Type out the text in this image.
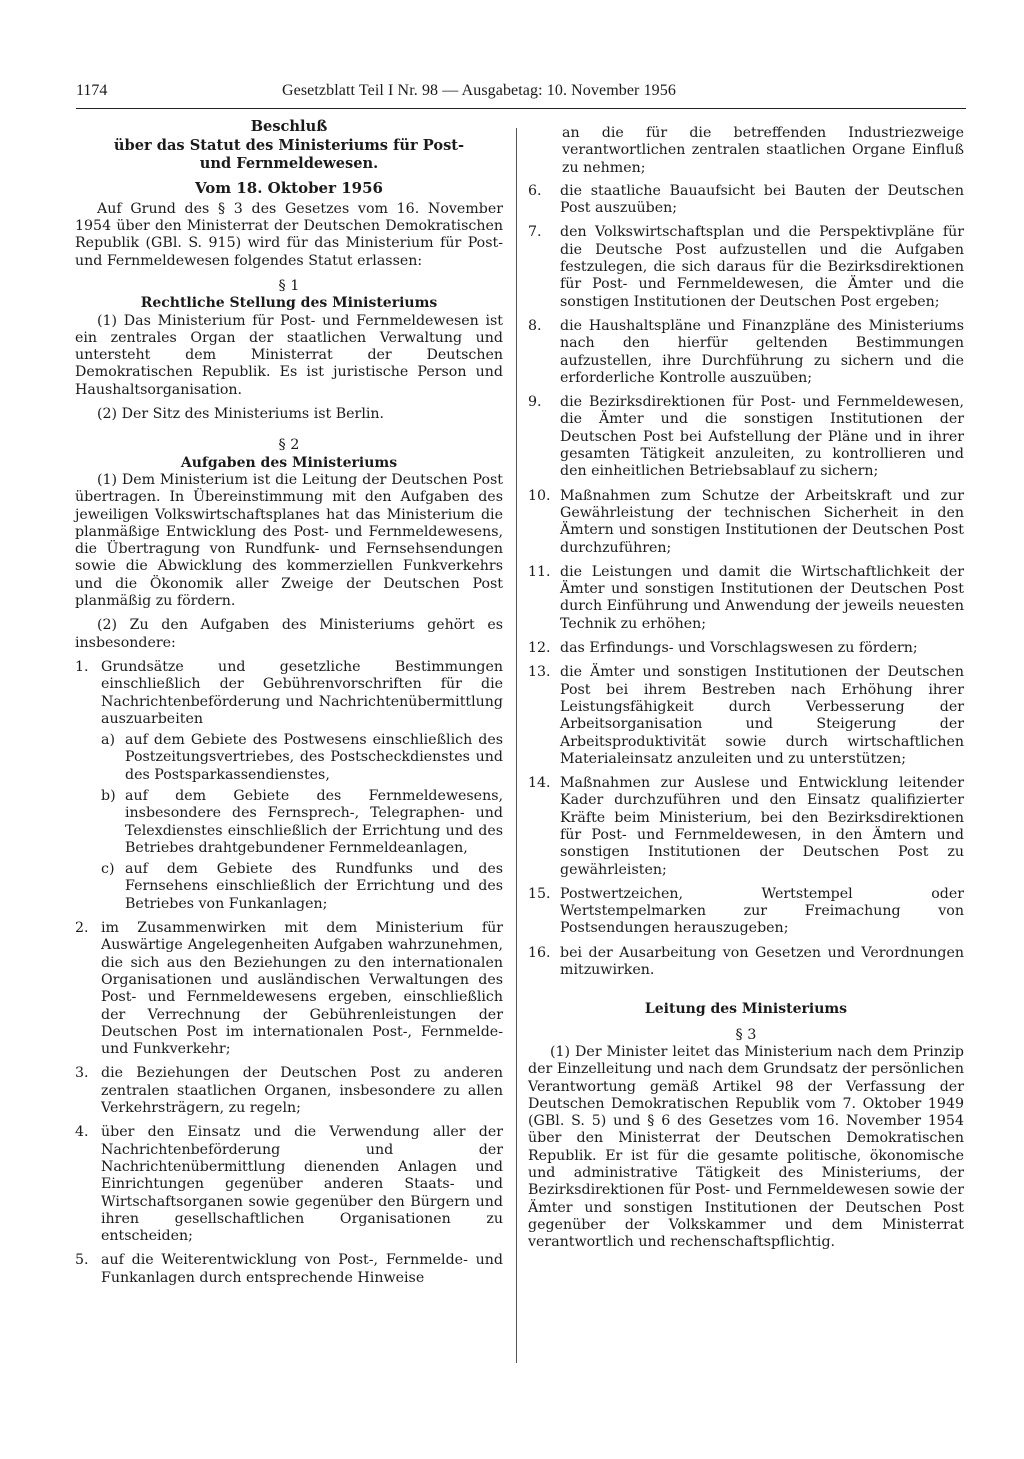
1174	Gesetzblatt Teil I Nr. 98 — Ausgabetag: 10. November 1956
Beschluß
über das Statut des Ministeriums für Post-
und Fernmeldewesen.
Vom 18. Oktober 1956

Auf Grund des § 3 des Gesetzes vom 16. November 1954 über den Ministerrat der Deutschen Demokratischen Republik (GBl. S. 915) wird für das Ministerium für Post- und Fernmeldewesen folgendes Statut erlassen:

§ 1
Rechtliche Stellung des Ministeriums

(1) Das Ministerium für Post- und Fernmeldewesen ist ein zentrales Organ der staatlichen Verwaltung und untersteht dem Ministerrat der Deutschen Demokratischen Republik. Es ist juristische Person und Haushaltsorganisation.

(2) Der Sitz des Ministeriums ist Berlin.

§ 2
Aufgaben des Ministeriums

(1) Dem Ministerium ist die Leitung der Deutschen Post übertragen. In Übereinstimmung mit den Aufgaben des jeweiligen Volkswirtschaftsplanes hat das Ministerium die planmäßige Entwicklung des Post- und Fernmeldewesens, die Übertragung von Rundfunk- und Fernsehsendungen sowie die Abwicklung des kommerziellen Funkverkehrs und die Ökonomik aller Zweige der Deutschen Post planmäßig zu fördern.

(2) Zu den Aufgaben des Ministeriums gehört es insbesondere:

1. Grundsätze und gesetzliche Bestimmungen einschließlich der Gebührenvorschriften für die Nachrichtenbeförderung und Nachrichtenübermittlung auszuarbeiten
a) auf dem Gebiete des Postwesens einschließlich des Postzeitungsvertriebes, des Postscheckdienstes und des Postsparkassendienstes,
b) auf dem Gebiete des Fernmeldewesens, insbesondere des Fernsprech-, Telegraphen- und Telexdienstes einschließlich der Errichtung und des Betriebes drahtgebundener Fernmeldeanlagen,
c) auf dem Gebiete des Rundfunks und des Fernsehens einschließlich der Errichtung und des Betriebes von Funkanlagen;
2. im Zusammenwirken mit dem Ministerium für Auswärtige Angelegenheiten Aufgaben wahrzunehmen, die sich aus den Beziehungen zu den internationalen Organisationen und ausländischen Verwaltungen des Post- und Fernmeldewesens ergeben, einschließlich der Verrechnung der Gebührenleistungen der Deutschen Post im internationalen Post-, Fernmelde- und Funkverkehr;
3. die Beziehungen der Deutschen Post zu anderen zentralen staatlichen Organen, insbesondere zu allen Verkehrsträgern, zu regeln;
4. über den Einsatz und die Verwendung aller der Nachrichtenbeförderung und der Nachrichtenübermittlung dienenden Anlagen und Einrichtungen gegenüber anderen Staats- und Wirtschaftsorganen sowie gegenüber den Bürgern und ihren gesellschaftlichen Organisationen zu entscheiden;
5. auf die Weiterentwicklung von Post-, Fernmelde- und Funkanlagen durch entsprechende Hinweise

an die für die betreffenden Industriezweige verantwortlichen zentralen staatlichen Organe Einfluß zu nehmen;

6.	die staatliche Bauaufsicht bei Bauten der Deutschen Post auszuüben;
7.	den Volkswirtschaftsplan und die Perspektivpläne für die Deutsche Post aufzustellen und die Aufgaben festzulegen, die sich daraus für die Bezirksdirektionen für Post- und Fernmeldewesen, die Ämter und die sonstigen Institutionen der Deutschen Post ergeben;
8.	die Haushaltspläne und Finanzpläne des Ministeriums nach den hierfür geltenden Bestimmungen aufzustellen, ihre Durchführung zu sichern und die erforderliche Kontrolle auszuüben;
9.	die Bezirksdirektionen für Post- und Fernmeldewesen, die Ämter und die sonstigen Institutionen der Deutschen Post bei Aufstellung der Pläne und in ihrer gesamten Tätigkeit anzuleiten, zu kontrollieren und den einheitlichen Betriebsablauf zu sichern;
10. Maßnahmen zum Schutze der Arbeitskraft und zur Gewährleistung der technischen Sicherheit in den Ämtern und sonstigen Institutionen der Deutschen Post durchzuführen;
11. die Leistungen und damit die Wirtschaftlichkeit der Ämter und sonstigen Institutionen der Deutschen Post durch Einführung und Anwendung der jeweils neuesten Technik zu erhöhen;
12. das Erfindungs- und Vorschlagswesen zu fördern;
13. die Ämter und sonstigen Institutionen der Deutschen Post bei ihrem Bestreben nach Erhöhung ihrer Leistungsfähigkeit durch Verbesserung der Arbeitsorganisation und Steigerung der Arbeitsproduktivität sowie durch wirtschaftlichen Materialeinsatz anzuleiten und zu unterstützen;
14. Maßnahmen zur Auslese und Entwicklung leitender Kader durchzuführen und den Einsatz qualifizierter Kräfte beim Ministerium, bei den Bezirksdirektionen für Post- und Fernmeldewesen, in den Ämtern und sonstigen Institutionen der Deutschen Post zu gewährleisten;
15. Postwertzeichen, Wertstempel oder Wertstempelmarken zur Freimachung von Postsendungen herauszugeben;
16. bei der Ausarbeitung von Gesetzen und Verordnungen mitzuwirken.
Leitung des Ministeriums
§ 3

(1) Der Minister leitet das Ministerium nach dem Prinzip der Einzelleitung und nach dem Grundsatz der persönlichen Verantwortung gemäß Artikel 98 der Verfassung der Deutschen Demokratischen Republik vom 7. Oktober 1949 (GBl. S. 5) und § 6 des Gesetzes vom 16. November 1954 über den Ministerrat der Deutschen Demokratischen Republik. Er ist für die gesamte politische, ökonomische und administrative Tätigkeit des Ministeriums, der Bezirksdirektionen für Post- und Fernmeldewesen sowie der Ämter und sonstigen Institutionen der Deutschen Post gegenüber der Volkskammer und dem Ministerrat verantwortlich und rechenschaftspflichtig.
